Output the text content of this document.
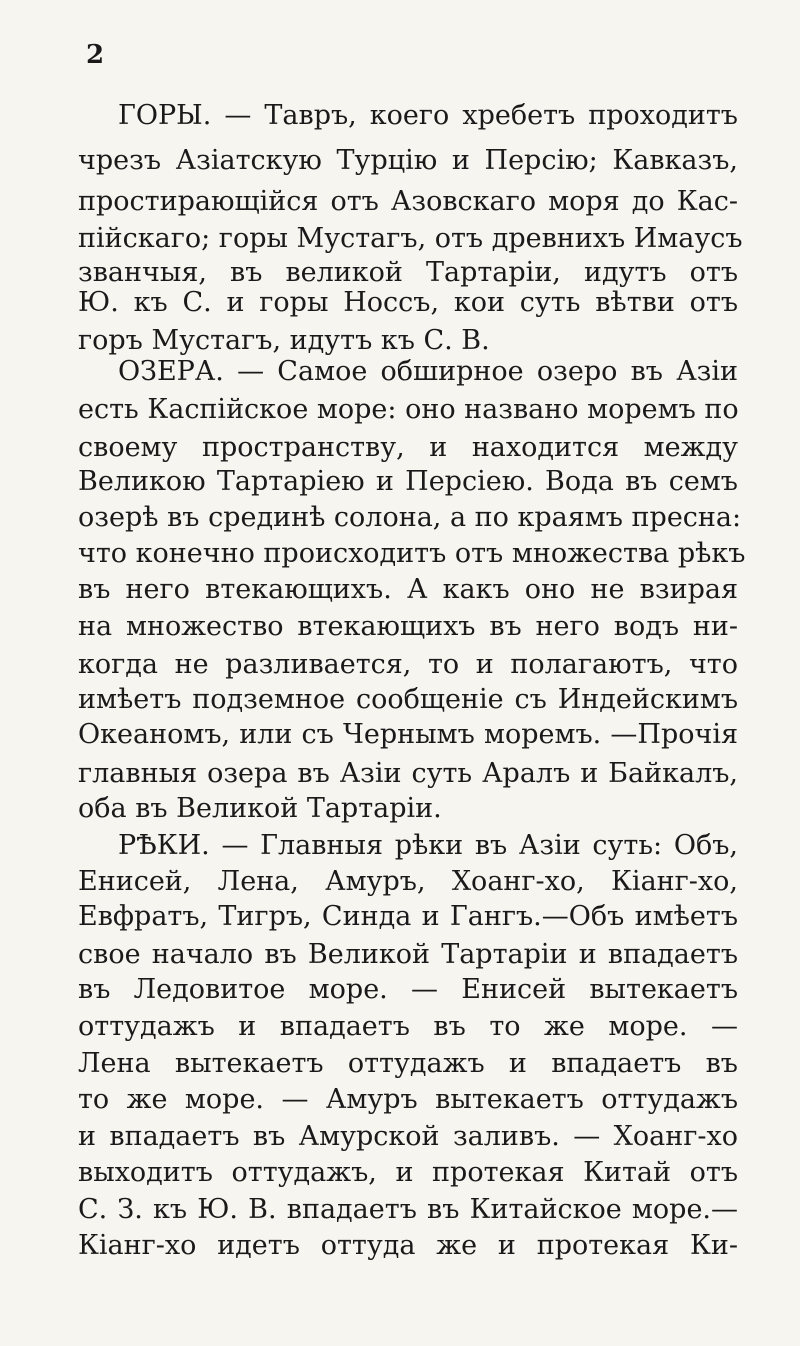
2
ГОРЫ. — Тавръ, коего хребетъ проходитъ
чрезъ Азіатскую Турцію и Персію; Кавказъ,
простирающійся отъ Азовскаго моря до Кас-
пійскаго; горы Мустагъ, отъ древнихъ Имаусъ
званчыя, въ великой Тартаріи, идутъ отъ
Ю. къ С. и горы Носсъ, кои суть вѣтви отъ
горъ Мустагъ, идутъ къ С. В.
ОЗЕРА. — Самое обширное озеро въ Азіи
есть Каспійское море: оно названо моремъ по
своему пространству, и находится между
Великою Тартаріею и Персіею. Вода въ семъ
озерѣ въ срединѣ солона, а по краямъ пресна:
что конечно происходитъ отъ множества рѣкъ
въ него втекающихъ. А какъ оно не взирая
на множество втекающихъ въ него водъ ни-
когда не разливается, то и полагаютъ, что
имѣетъ подземное сообщеніе съ Индейскимъ
Океаномъ, или съ Чернымъ моремъ. —Прочія
главныя озера въ Азіи суть Аралъ и Байкалъ,
оба въ Великой Тартаріи.
РѢКИ. — Главныя рѣки въ Азіи суть: Объ,
Енисей, Лена, Амуръ, Хоанг-хо, Кіанг-хо,
Евфратъ, Тигръ, Синда и Гангъ.—Объ имѣетъ
свое начало въ Великой Тартаріи и впадаетъ
въ Ледовитое море. — Енисей вытекаетъ
оттудажъ и впадаетъ въ то же море. —
Лена вытекаетъ оттудажъ и впадаетъ въ
то же море. — Амуръ вытекаетъ оттудажъ
и впадаетъ въ Амурской заливъ. — Хоанг-хо
выходитъ оттудажъ, и протекая Китай отъ
С. З. къ Ю. В. впадаетъ въ Китайское море.—
Кіанг-хо идетъ оттуда же и протекая Ки-
